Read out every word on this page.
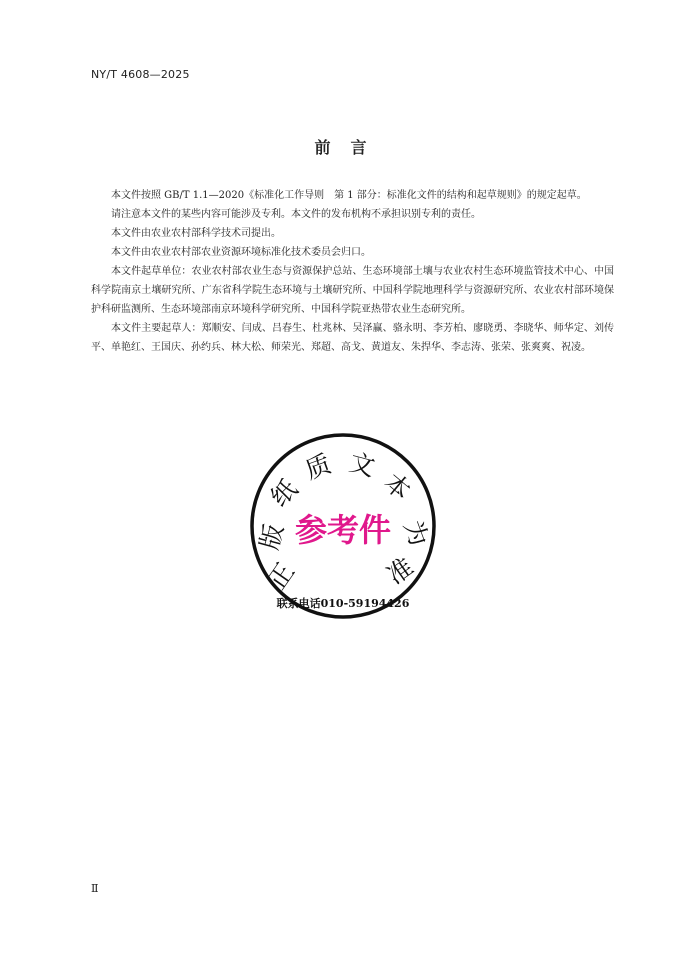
NY/T 4608—2025
前言

本文件按照 GB/T 1.1—2020《标准化工作导则　第 1 部分：标准化文件的结构和起草规则》的规定起草。

请注意本文件的某些内容可能涉及专利。本文件的发布机构不承担识别专利的责任。

本文件由农业农村部科学技术司提出。

本文件由农业农村部农业资源环境标准化技术委员会归口。

本文件起草单位：农业农村部农业生态与资源保护总站、生态环境部土壤与农业农村生态环境监管技术中心、中国科学院南京土壤研究所、广东省科学院生态环境与土壤研究所、中国科学院地理科学与资源研究所、农业农村部环境保护科研监测所、生态环境部南京环境科学研究所、中国科学院亚热带农业生态研究所。

本文件主要起草人：郑顺安、闫成、吕春生、杜兆林、吴泽赢、骆永明、李芳柏、廖晓勇、李晓华、师华定、刘传平、单艳红、王国庆、孙约兵、林大松、师荣光、郑超、高戈、黄道友、朱捍华、李志涛、张荣、张爽爽、祝凌。

正
版
纸
质 文
本
为
准
参考件
联系电话010-59194426
Ⅱ
